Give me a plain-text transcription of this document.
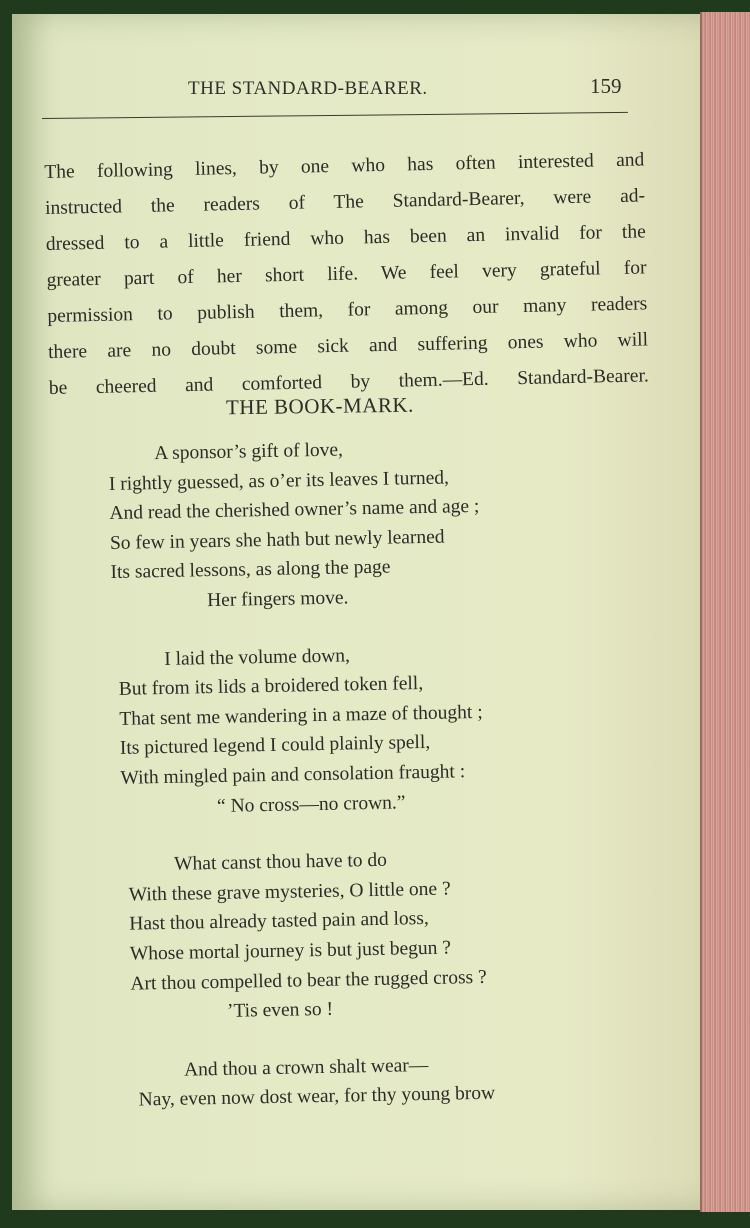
THE STANDARD-BEARER.	159
The following lines, by one who has often interested and
instructed the readers of The Standard-Bearer, were ad-
dressed to a little friend who has been an invalid for the
greater part of her short life. We feel very grateful for
permission to publish them, for among our many readers
there are no doubt some sick and suffering ones who will
be cheered and comforted by them.—Ed. Standard-Bearer.
THE BOOK-MARK.
A sponsor’s gift of love,
I rightly guessed, as o’er its leaves I turned,
And read the cherished owner’s name and age ;
So few in years she hath but newly learned
Its sacred lessons, as along the page
Her fingers move.
I laid the volume down,
But from its lids a broidered token fell,
That sent me wandering in a maze of thought ;
Its pictured legend I could plainly spell,
With mingled pain and consolation fraught :
“ No cross—no crown.”
What canst thou have to do
With these grave mysteries, O little one ?
Hast thou already tasted pain and loss,
Whose mortal journey is but just begun ?
Art thou compelled to bear the rugged cross ?
’Tis even so !
And thou a crown shalt wear—
Nay, even now dost wear, for thy young brow
